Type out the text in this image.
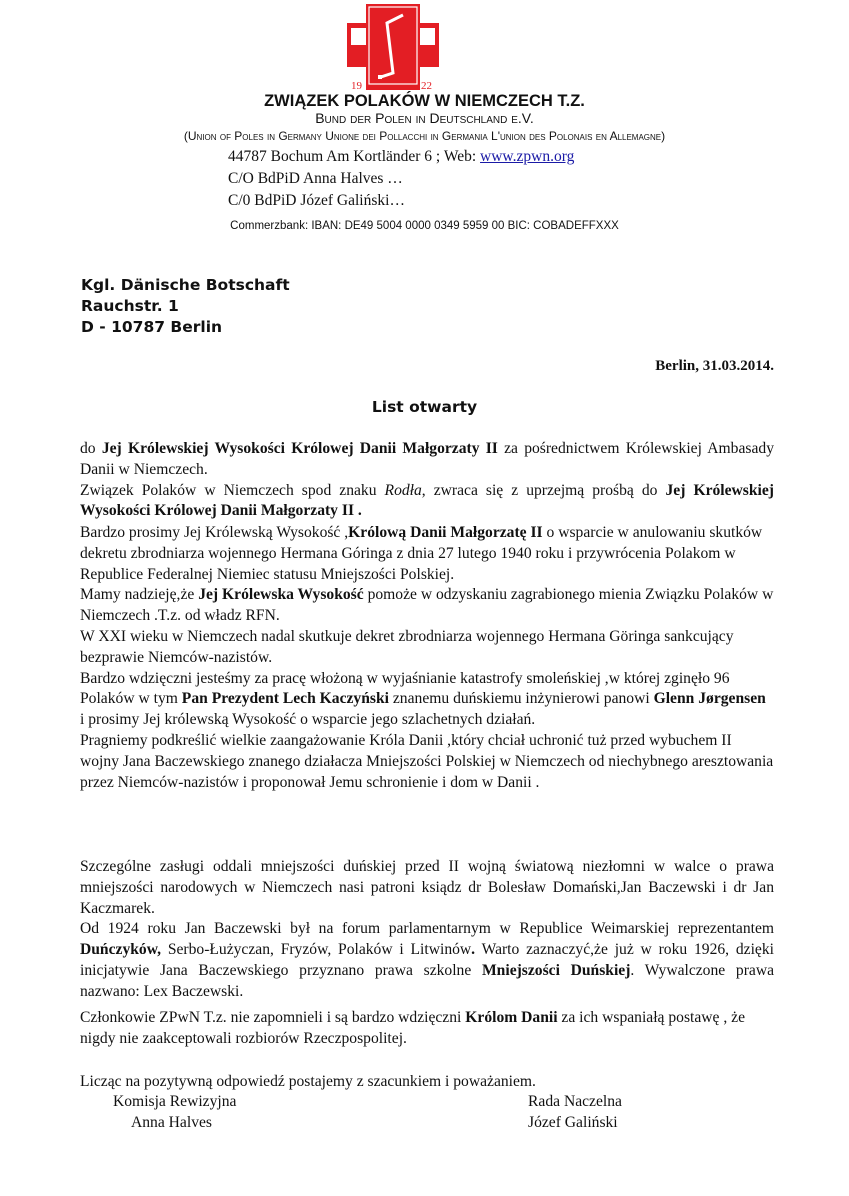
19	22
ZWIĄZEK POLAKÓW W NIEMCZECH T.Z.
Bund der Polen in Deutschland e.V.
(Union of Poles in Germany Unione dei Pollacchi in Germania L'union des Polonais en Allemagne)
44787 Bochum Am Kortländer 6 ; Web: www.zpwn.org
C/O BdPiD Anna Halves …
C/0 BdPiD Józef Galiński…
Commerzbank: IBAN: DE49 5004 0000 0349 5959 00 BIC: COBADEFFXXX
Kgl. Dänische Botschaft
Rauchstr. 1
D - 10787 Berlin
Berlin, 31.03.2014.
List otwarty

do Jej Królewskiej Wysokości Królowej Danii Małgorzaty II za pośrednictwem Królewskiej Ambasady Danii w Niemczech.

Związek Polaków w Niemczech spod znaku Rodła, zwraca się z uprzejmą prośbą do Jej Królewskiej Wysokości Królowej Danii Małgorzaty II .

Bardzo prosimy Jej Królewską Wysokość ,Królową Danii Małgorzatę II o wsparcie w anulowaniu skutków dekretu zbrodniarza wojennego Hermana Góringa z dnia 27 lutego 1940 roku i przywrócenia Polakom w Republice Federalnej Niemiec statusu Mniejszości Polskiej.

Mamy nadzieję,że Jej Królewska Wysokość pomoże w odzyskaniu zagrabionego mienia Związku Polaków w Niemczech .T.z. od władz RFN.

W XXI wieku w Niemczech nadal skutkuje dekret zbrodniarza wojennego Hermana Göringa sankcujący bezprawie Niemców-nazistów.

Bardzo wdzięczni jesteśmy za pracę włożoną w wyjaśnianie katastrofy smoleńskiej ,w której zginęło 96 Polaków w tym Pan Prezydent Lech Kaczyński znanemu duńskiemu inżynierowi panowi Glenn Jørgensen i prosimy Jej królewską Wysokość o wsparcie jego szlachetnych działań.

Pragniemy podkreślić wielkie zaangażowanie Króla Danii ,który chciał uchronić tuż przed wybuchem II wojny Jana Baczewskiego znanego działacza Mniejszości Polskiej w Niemczech od niechybnego aresztowania przez Niemców-nazistów i proponował Jemu schronienie i dom w Danii .

Szczególne zasługi oddali mniejszości duńskiej przed II wojną światową niezłomni w walce o prawa mniejszości narodowych w Niemczech nasi patroni ksiądz dr Bolesław Domański,Jan Baczewski i dr Jan Kaczmarek.

Od 1924 roku Jan Baczewski był na forum parlamentarnym w Republice Weimarskiej reprezentantem Duńczyków, Serbo-Łużyczan, Fryzów, Polaków i Litwinów. Warto zaznaczyć,że już w roku 1926, dzięki inicjatywie Jana Baczewskiego przyznano prawa szkolne Mniejszości Duńskiej. Wywalczone prawa nazwano: Lex Baczewski.

Członkowie ZPwN T.z. nie zapomnieli i są bardzo wdzięczni Królom Danii za ich wspaniałą postawę , że nigdy nie zaakceptowali rozbiorów Rzeczpospolitej.

Licząc na pozytywną odpowiedź postajemy z szacunkiem i poważaniem.
Komisja Rewizyjna
Anna Halves
Rada Naczelna
Józef Galiński
